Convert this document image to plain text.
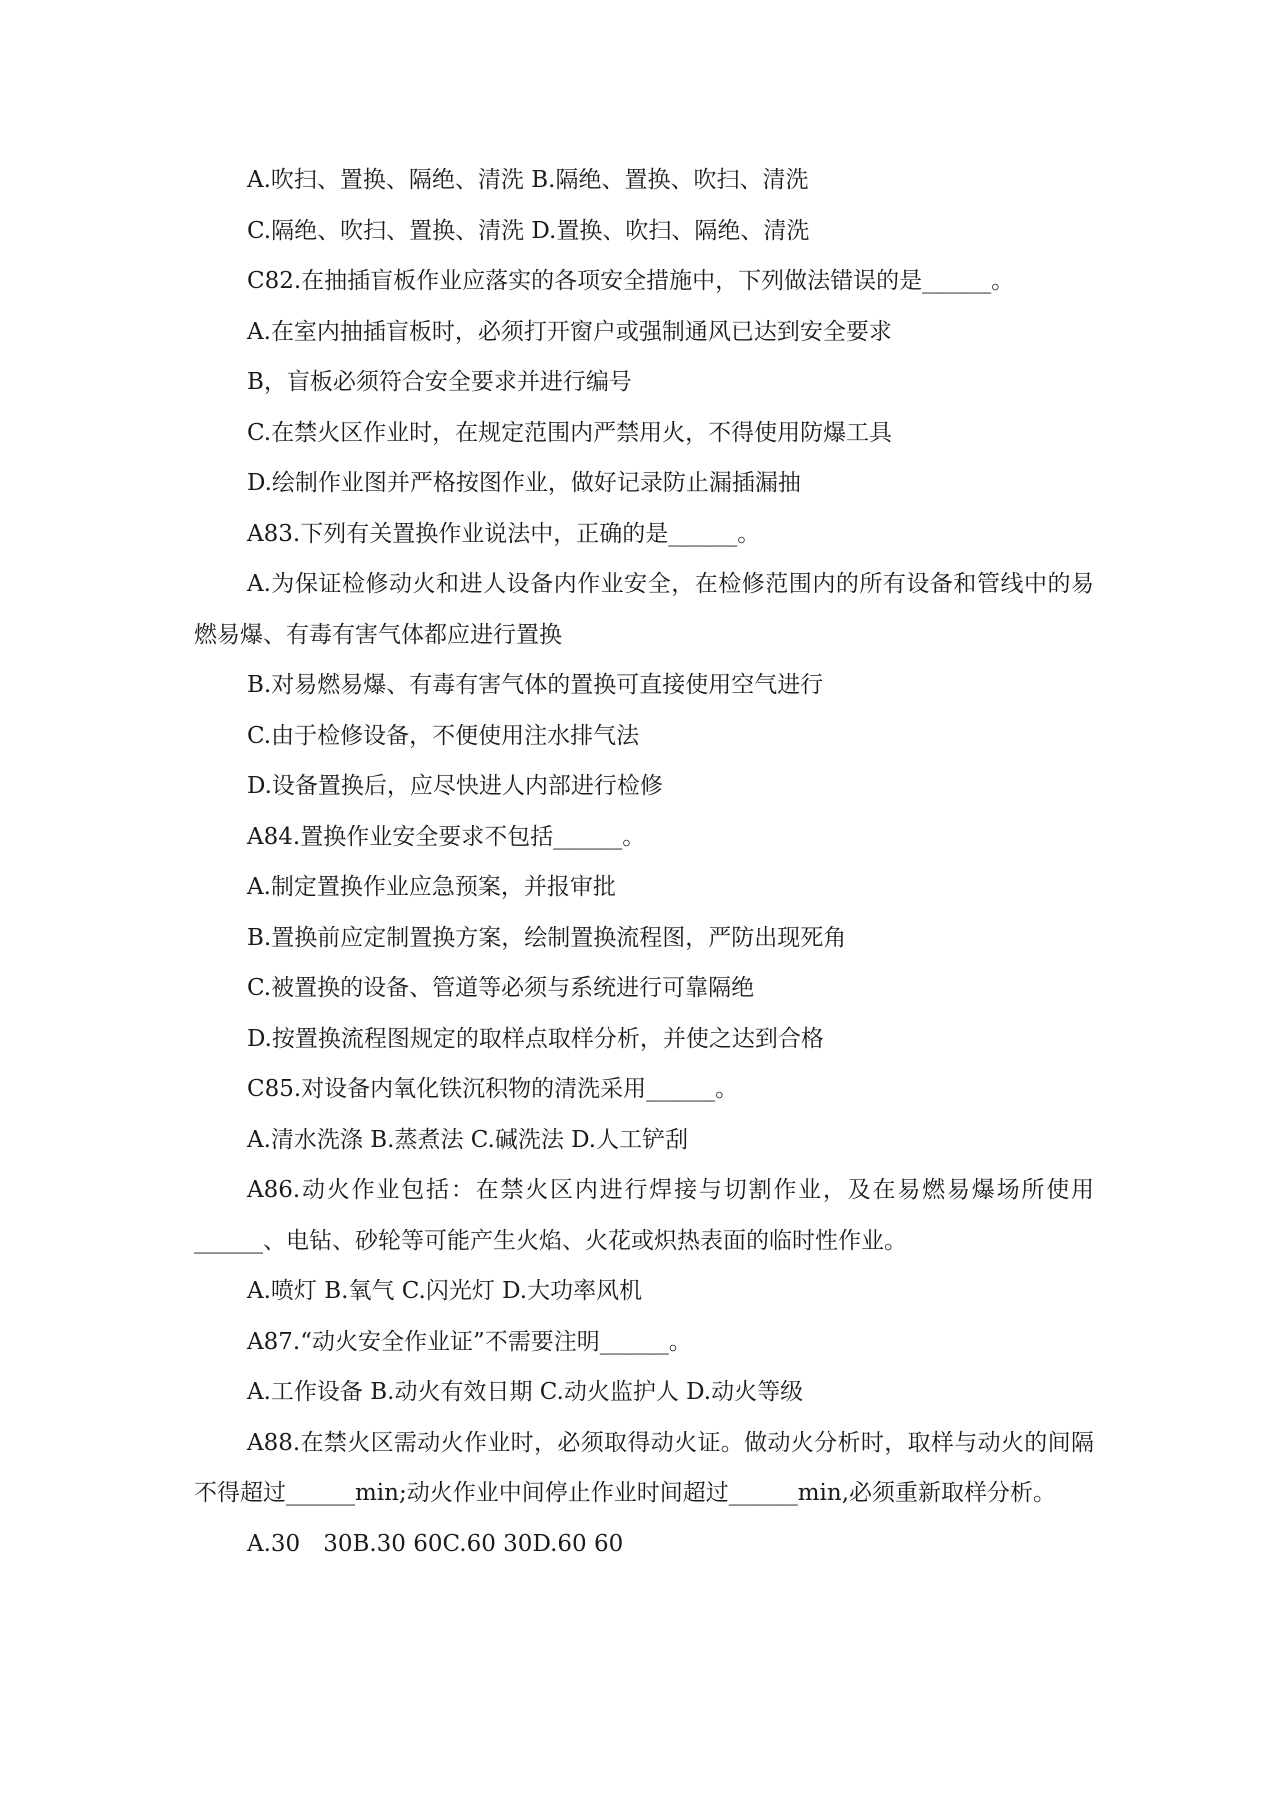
A.吹扫、置换、隔绝、清洗 B.隔绝、置换、吹扫、清洗

C.隔绝、吹扫、置换、清洗 D.置换、吹扫、隔绝、清洗

C82.在抽插盲板作业应落实的各项安全措施中，下列做法错误的是______。

A.在室内抽插盲板时，必须打开窗户或强制通风已达到安全要求

B，盲板必须符合安全要求并进行编号

C.在禁火区作业时，在规定范围内严禁用火，不得使用防爆工具

D.绘制作业图并严格按图作业，做好记录防止漏插漏抽

A83.下列有关置换作业说法中，正确的是______。

A.为保证检修动火和进人设备内作业安全，在检修范围内的所有设备和管线中的易燃易爆、有毒有害气体都应进行置换

B.对易燃易爆、有毒有害气体的置换可直接使用空气进行

C.由于检修设备，不便使用注水排气法

D.设备置换后，应尽快进人内部进行检修

A84.置换作业安全要求不包括______。

A.制定置换作业应急预案，并报审批

B.置换前应定制置换方案，绘制置换流程图，严防出现死角

C.被置换的设备、管道等必须与系统进行可靠隔绝

D.按置换流程图规定的取样点取样分析，并使之达到合格

C85.对设备内氧化铁沉积物的清洗采用______。

A.清水洗涤 B.蒸煮法 C.碱洗法 D.人工铲刮

A86.动火作业包括：在禁火区内进行焊接与切割作业，及在易燃易爆场所使用______、电钻、砂轮等可能产生火焰、火花或炽热表面的临时性作业。

A.喷灯 B.氧气 C.闪光灯 D.大功率风机

A87.“动火安全作业证”不需要注明______。

A.工作设备 B.动火有效日期 C.动火监护人 D.动火等级

A88.在禁火区需动火作业时，必须取得动火证。做动火分析时，取样与动火的间隔不得超过______min;动火作业中间停止作业时间超过______min,必须重新取样分析。

A.30　30B.30 60C.60 30D.60 60
